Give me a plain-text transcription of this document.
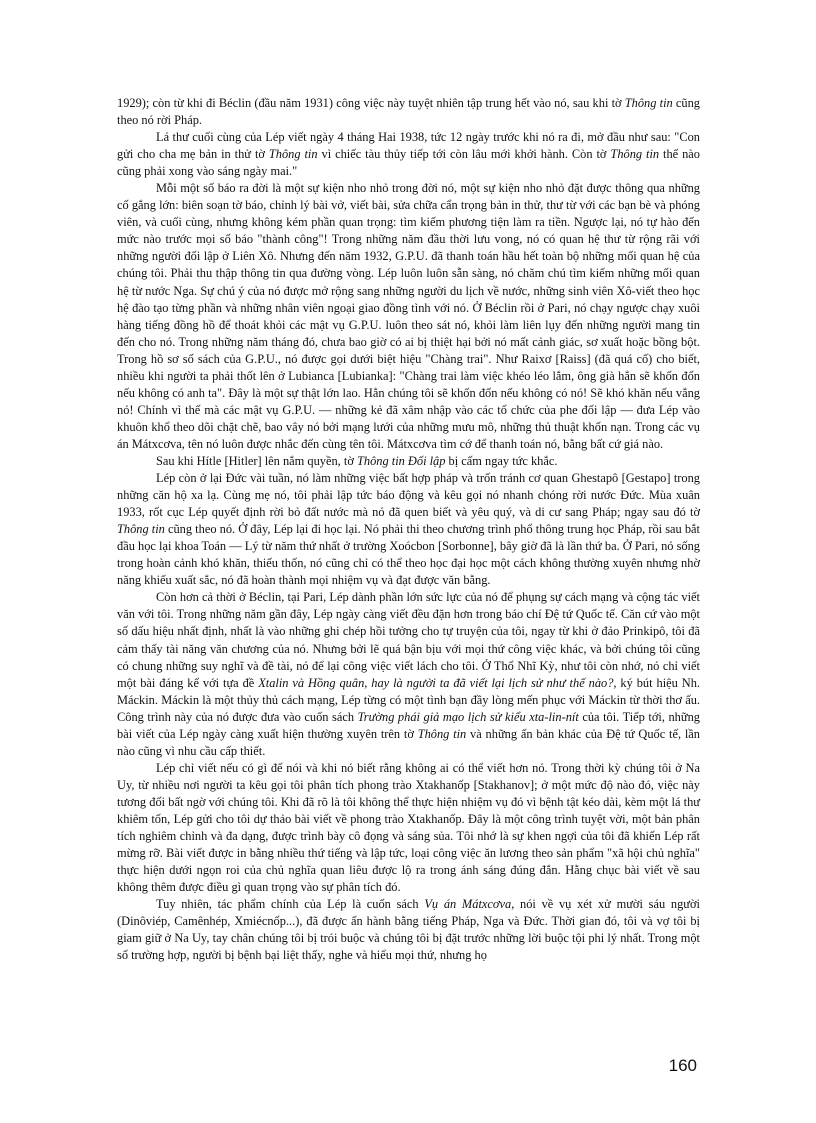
1929); còn từ khi đi Béclin (đầu năm 1931) công việc này tuyệt nhiên tập trung hết vào nó, sau khi tờ Thông tin cũng theo nó rời Pháp.

Lá thư cuối cùng của Lép viết ngày 4 tháng Hai 1938, tức 12 ngày trước khi nó ra đi, mở đầu như sau: "Con gửi cho cha mẹ bản in thử tờ Thông tin vì chiếc tàu thủy tiếp tới còn lâu mới khởi hành. Còn tờ Thông tin thế nào cũng phải xong vào sáng ngày mai."

Mỗi một số báo ra đời là một sự kiện nho nhỏ trong đời nó, một sự kiện nho nhỏ đặt được thông qua những cố gắng lớn: biên soạn tờ báo, chỉnh lý bài vở, viết bài, sửa chữa cẩn trọng bản in thử, thư từ với các bạn bè và phóng viên, và cuối cùng, nhưng không kém phần quan trọng: tìm kiếm phương tiện làm ra tiền. Ngược lại, nó tự hào đến mức nào trước mọi số báo "thành công"! Trong những năm đầu thời lưu vong, nó có quan hệ thư từ rộng rãi với những người đối lập ở Liên Xô. Nhưng đến năm 1932, G.P.U. đã thanh toán hầu hết toàn bộ những mối quan hệ của chúng tôi. Phải thu thập thông tin qua đường vòng. Lép luôn luôn sẵn sàng, nó chăm chú tìm kiếm những mối quan hệ từ nước Nga. Sự chú ý của nó được mở rộng sang những người du lịch về nước, những sinh viên Xô-viết theo học hệ đào tạo từng phần và những nhân viên ngoại giao đồng tình với nó. Ở Béclin rồi ở Pari, nó chạy ngược chạy xuôi hàng tiếng đồng hồ để thoát khỏi các mật vụ G.P.U. luôn theo sát nó, khỏi làm liên lụy đến những người mang tin đến cho nó. Trong những năm tháng đó, chưa bao giờ có ai bị thiệt hại bởi nó mất cảnh giác, sơ xuất hoặc bồng bột. Trong hồ sơ số sách của G.P.U., nó được gọi dưới biệt hiệu "Chàng trai". Như Raixơ [Raiss] (đã quá cố) cho biết, nhiều khi người ta phải thốt lên ở Lubianca [Lubianka]: "Chàng trai làm việc khéo léo lắm, ông già hẳn sẽ khốn đốn nếu không có anh ta". Đây là một sự thật lớn lao. Hẳn chúng tôi sẽ khốn đốn nếu không có nó! Sẽ khó khăn nếu vắng nó! Chính vì thế mà các mật vụ G.P.U. — những kẻ đã xâm nhập vào các tổ chức của phe đối lập — đưa Lép vào khuôn khổ theo dõi chặt chẽ, bao vây nó bởi mạng lưới của những mưu mô, những thủ thuật khốn nạn. Trong các vụ án Mátxcơva, tên nó luôn được nhắc đến cùng tên tôi. Mátxcơva tìm cớ để thanh toán nó, bằng bất cứ giá nào.

Sau khi Hítle [Hitler] lên nắm quyền, tờ Thông tin Đối lập bị cấm ngay tức khắc.

Lép còn ở lại Đức vài tuần, nó làm những việc bất hợp pháp và trốn tránh cơ quan Ghestapô [Gestapo] trong những căn hộ xa lạ. Cùng mẹ nó, tôi phải lập tức báo động và kêu gọi nó nhanh chóng rời nước Đức. Mùa xuân 1933, rốt cục Lép quyết định rời bỏ đất nước mà nó đã quen biết và yêu quý, và di cư sang Pháp; ngay sau đó tờ Thông tin cũng theo nó. Ở đây, Lép lại đi học lại. Nó phải thi theo chương trình phổ thông trung học Pháp, rồi sau bắt đầu học lại khoa Toán — Lý từ năm thứ nhất ở trường Xoócbon [Sorbonne], bây giờ đã là lần thứ ba. Ở Pari, nó sống trong hoàn cảnh khó khăn, thiếu thốn, nó cũng chỉ có thể theo học đại học một cách không thường xuyên nhưng nhờ năng khiếu xuất sắc, nó đã hoàn thành mọi nhiệm vụ và đạt được văn bằng.

Còn hơn cả thời ở Béclin, tại Pari, Lép dành phần lớn sức lực của nó để phụng sự cách mạng và cộng tác viết văn với tôi. Trong những năm gần đây, Lép ngày càng viết đều đặn hơn trong báo chí Đệ tứ Quốc tế. Căn cứ vào một số dấu hiệu nhất định, nhất là vào những ghi chép hồi tưởng cho tự truyện của tôi, ngay từ khi ở đảo Prinkipô, tôi đã cảm thấy tài năng văn chương của nó. Nhưng bởi lẽ quá bận bịu với mọi thứ công việc khác, và bởi chúng tôi cũng có chung những suy nghĩ và đề tài, nó để lại công việc viết lách cho tôi. Ở Thổ Nhĩ Kỳ, như tôi còn nhớ, nó chỉ viết một bài đáng kể với tựa đề Xtalin và Hồng quân, hay là người ta đã viết lại lịch sử như thế nào?, ký bút hiệu Nh. Máckin. Máckin là một thủy thủ cách mạng, Lép từng có một tình bạn đầy lòng mến phục với Máckin từ thời thơ ấu. Công trình này của nó được đưa vào cuốn sách Trường phái giả mạo lịch sử kiểu xta-lin-nít của tôi. Tiếp tới, những bài viết của Lép ngày càng xuất hiện thường xuyên trên tờ Thông tin và những ấn bản khác của Đệ tứ Quốc tế, lần nào cũng vì nhu cầu cấp thiết.

Lép chỉ viết nếu có gì để nói và khi nó biết rằng không ai có thể viết hơn nó. Trong thời kỳ chúng tôi ở Na Uy, từ nhiều nơi người ta kêu gọi tôi phân tích phong trào Xtakhanốp [Stakhanov]; ở một mức độ nào đó, việc này tương đối bất ngờ với chúng tôi. Khi đã rõ là tôi không thể thực hiện nhiệm vụ đó vì bệnh tật kéo dài, kèm một lá thư khiêm tốn, Lép gửi cho tôi dự thảo bài viết về phong trào Xtakhanốp. Đây là một công trình tuyệt vời, một bản phân tích nghiêm chỉnh và đa dạng, được trình bày cô đọng và sáng sủa. Tôi nhớ là sự khen ngợi của tôi đã khiến Lép rất mừng rỡ. Bài viết được in bằng nhiều thứ tiếng và lập tức, loại công việc ăn lương theo sản phẩm "xã hội chủ nghĩa" thực hiện dưới ngọn roi của chủ nghĩa quan liêu được lộ ra trong ánh sáng đúng đắn. Hằng chục bài viết về sau không thêm được điều gì quan trọng vào sự phân tích đó.

Tuy nhiên, tác phẩm chính của Lép là cuốn sách Vụ án Mátxcơva, nói về vụ xét xử mười sáu người (Dinôviép, Camênhép, Xmiécnốp...), đã được ấn hành bằng tiếng Pháp, Nga và Đức. Thời gian đó, tôi và vợ tôi bị giam giữ ở Na Uy, tay chân chúng tôi bị trói buộc và chúng tôi bị đặt trước những lời buộc tội phi lý nhất. Trong một số trường hợp, người bị bệnh bại liệt thấy, nghe và hiểu mọi thứ, nhưng họ

160
